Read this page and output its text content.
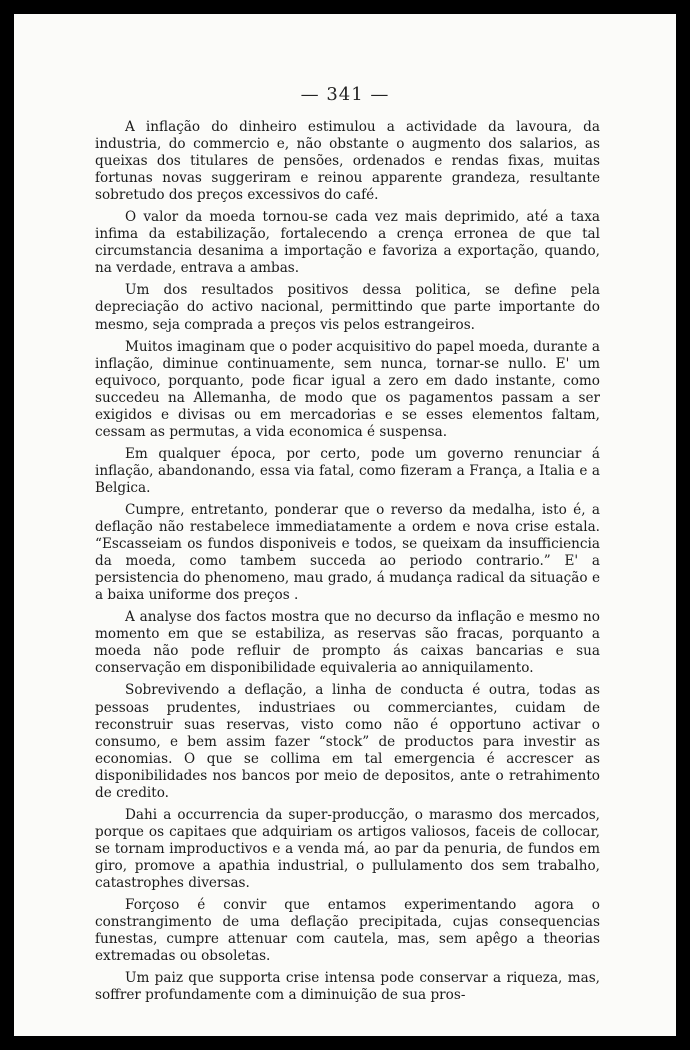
— 341 —

A inflação do dinheiro estimulou a actividade da lavoura, da industria, do commercio e, não obstante o augmento dos salarios, as queixas dos titulares de pensões, ordenados e rendas fixas, muitas fortunas novas suggeriram e reinou apparente grandeza, resultante sobretudo dos preços excessivos do café.

O valor da moeda tornou-se cada vez mais deprimido, até a taxa infima da estabilização, fortalecendo a crença erronea de que tal circumstancia desanima a importação e favoriza a exportação, quando, na verdade, entrava a ambas.

Um dos resultados positivos dessa politica, se define pela depreciação do activo nacional, permittindo que parte importante do mesmo, seja comprada a preços vis pelos estrangeiros.

Muitos imaginam que o poder acquisitivo do papel moeda, durante a inflação, diminue continuamente, sem nunca, tornar-se nullo. E' um equivoco, porquanto, pode ficar igual a zero em dado instante, como succedeu na Allemanha, de modo que os pagamentos passam a ser exigidos e divisas ou em mercadorias e se esses elementos faltam, cessam as permutas, a vida economica é suspensa.

Em qualquer época, por certo, pode um governo renunciar á inflação, abandonando, essa via fatal, como fizeram a França, a Italia e a Belgica.

Cumpre, entretanto, ponderar que o reverso da medalha, isto é, a deflação não restabelece immediatamente a ordem e nova crise estala. “Escasseiam os fundos disponiveis e todos, se queixam da insufficiencia da moeda, como tambem succeda ao periodo contrario.” E' a persistencia do phenomeno, mau grado, á mudança radical da situação e a baixa uniforme dos preços .

A analyse dos factos mostra que no decurso da inflação e mesmo no momento em que se estabiliza, as reservas são fracas, porquanto a moeda não pode refluir de prompto ás caixas bancarias e sua conservação em disponibilidade equivaleria ao anniquilamento.

Sobrevivendo a deflação, a linha de conducta é outra, todas as pessoas prudentes, industriaes ou commerciantes, cuidam de reconstruir suas reservas, visto como não é opportuno activar o consumo, e bem assim fazer “stock” de productos para investir as economias. O que se collima em tal emergencia é accrescer as disponibilidades nos bancos por meio de depositos, ante o retrahimento de credito.

Dahi a occurrencia da super-producção, o marasmo dos mercados, porque os capitaes que adquiriam os artigos valiosos, faceis de collocar, se tornam improductivos e a venda má, ao par da penuria, de fundos em giro, promove a apathia industrial, o pullulamento dos sem trabalho, catastrophes diversas.

Forçoso é convir que entamos experimentando agora o constrangimento de uma deflação precipitada, cujas consequencias funestas, cumpre attenuar com cautela, mas, sem apêgo a theorias extremadas ou obsoletas.

Um paiz que supporta crise intensa pode conservar a riqueza, mas, soffrer profundamente com a diminuição de sua pros-
